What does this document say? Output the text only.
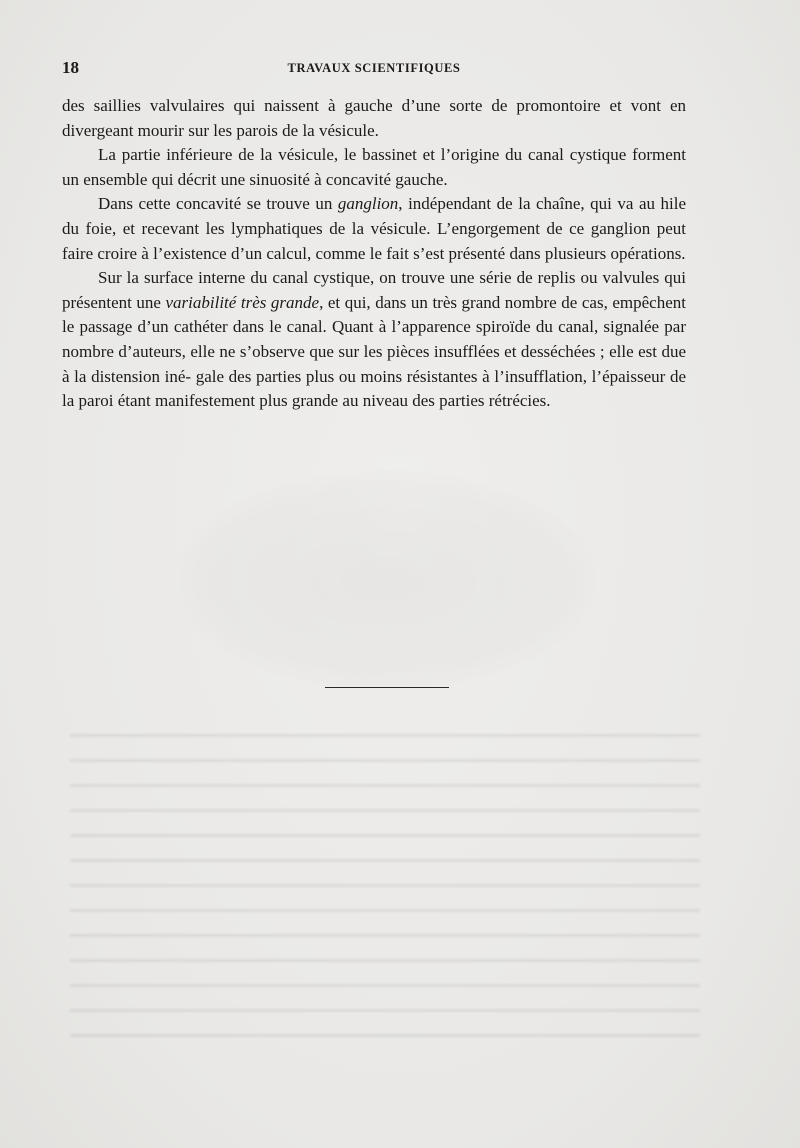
18	TRAVAUX SCIENTIFIQUES

des saillies valvulaires qui naissent à gauche d’une sorte de promontoire et vont en divergeant mourir sur les parois de la vésicule.

La partie inférieure de la vésicule, le bassinet et l’origine du canal cystique forment un ensemble qui décrit une sinuosité à concavité gauche.

Dans cette concavité se trouve un ganglion, indépendant de la chaîne, qui va au hile du foie, et recevant les lymphatiques de la vésicule. L’engorgement de ce ganglion peut faire croire à l’existence d’un calcul, comme le fait s’est présenté dans plusieurs opérations.

Sur la surface interne du canal cystique, on trouve une série de replis ou valvules qui présentent une variabilité très grande, et qui, dans un très grand nombre de cas, empêchent le passage d’un cathéter dans le canal. Quant à l’apparence spiroïde du canal, signalée par nombre d’auteurs, elle ne s’observe que sur les pièces insufflées et desséchées ; elle est due à la distension iné- gale des parties plus ou moins résistantes à l’insufflation, l’épaisseur de la paroi étant manifestement plus grande au niveau des parties rétrécies.
